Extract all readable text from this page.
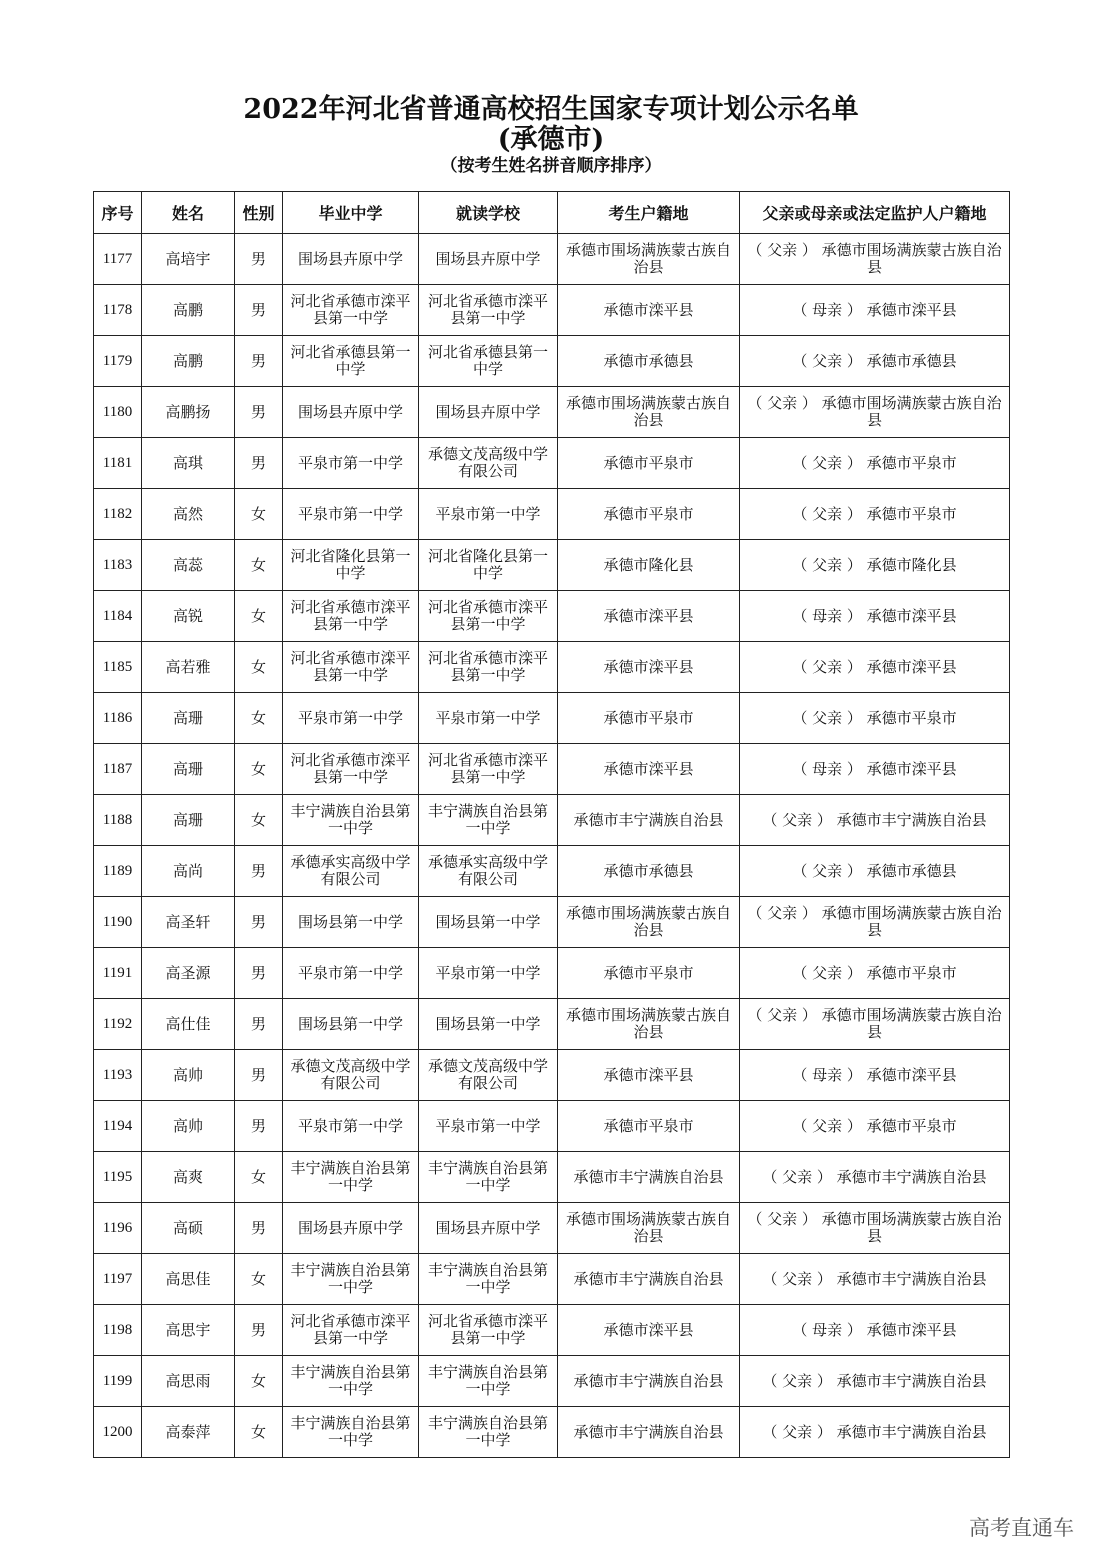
2022年河北省普通高校招生国家专项计划公示名单
(承德市)
（按考生姓名拼音顺序排序）
序号	姓名	性别	毕业中学	就读学校	考生户籍地	父亲或母亲或法定监护人户籍地
1177	高培宇	男	围场县卉原中学	围场县卉原中学	承德市围场满族蒙古族自治县	（ 父亲 ） 承德市围场满族蒙古族自治县
1178	高鹏	男	河北省承德市滦平县第一中学	河北省承德市滦平县第一中学	承德市滦平县	（ 母亲 ） 承德市滦平县
1179	高鹏	男	河北省承德县第一中学	河北省承德县第一中学	承德市承德县	（ 父亲 ） 承德市承德县
1180	高鹏扬	男	围场县卉原中学	围场县卉原中学	承德市围场满族蒙古族自治县	（ 父亲 ） 承德市围场满族蒙古族自治县
1181	高琪	男	平泉市第一中学	承德文茂高级中学有限公司	承德市平泉市	（ 父亲 ） 承德市平泉市
1182	高然	女	平泉市第一中学	平泉市第一中学	承德市平泉市	（ 父亲 ） 承德市平泉市
1183	高蕊	女	河北省隆化县第一中学	河北省隆化县第一中学	承德市隆化县	（ 父亲 ） 承德市隆化县
1184	高锐	女	河北省承德市滦平县第一中学	河北省承德市滦平县第一中学	承德市滦平县	（ 母亲 ） 承德市滦平县
1185	高若雅	女	河北省承德市滦平县第一中学	河北省承德市滦平县第一中学	承德市滦平县	（ 父亲 ） 承德市滦平县
1186	高珊	女	平泉市第一中学	平泉市第一中学	承德市平泉市	（ 父亲 ） 承德市平泉市
1187	高珊	女	河北省承德市滦平县第一中学	河北省承德市滦平县第一中学	承德市滦平县	（ 母亲 ） 承德市滦平县
1188	高珊	女	丰宁满族自治县第一中学	丰宁满族自治县第一中学	承德市丰宁满族自治县	（ 父亲 ） 承德市丰宁满族自治县
1189	高尚	男	承德承实高级中学有限公司	承德承实高级中学有限公司	承德市承德县	（ 父亲 ） 承德市承德县
1190	高圣轩	男	围场县第一中学	围场县第一中学	承德市围场满族蒙古族自治县	（ 父亲 ） 承德市围场满族蒙古族自治县
1191	高圣源	男	平泉市第一中学	平泉市第一中学	承德市平泉市	（ 父亲 ） 承德市平泉市
1192	高仕佳	男	围场县第一中学	围场县第一中学	承德市围场满族蒙古族自治县	（ 父亲 ） 承德市围场满族蒙古族自治县
1193	高帅	男	承德文茂高级中学有限公司	承德文茂高级中学有限公司	承德市滦平县	（ 母亲 ） 承德市滦平县
1194	高帅	男	平泉市第一中学	平泉市第一中学	承德市平泉市	（ 父亲 ） 承德市平泉市
1195	高爽	女	丰宁满族自治县第一中学	丰宁满族自治县第一中学	承德市丰宁满族自治县	（ 父亲 ） 承德市丰宁满族自治县
1196	高硕	男	围场县卉原中学	围场县卉原中学	承德市围场满族蒙古族自治县	（ 父亲 ） 承德市围场满族蒙古族自治县
1197	高思佳	女	丰宁满族自治县第一中学	丰宁满族自治县第一中学	承德市丰宁满族自治县	（ 父亲 ） 承德市丰宁满族自治县
1198	高思宇	男	河北省承德市滦平县第一中学	河北省承德市滦平县第一中学	承德市滦平县	（ 母亲 ） 承德市滦平县
1199	高思雨	女	丰宁满族自治县第一中学	丰宁满族自治县第一中学	承德市丰宁满族自治县	（ 父亲 ） 承德市丰宁满族自治县
1200	高泰萍	女	丰宁满族自治县第一中学	丰宁满族自治县第一中学	承德市丰宁满族自治县	（ 父亲 ） 承德市丰宁满族自治县
高考直通车
